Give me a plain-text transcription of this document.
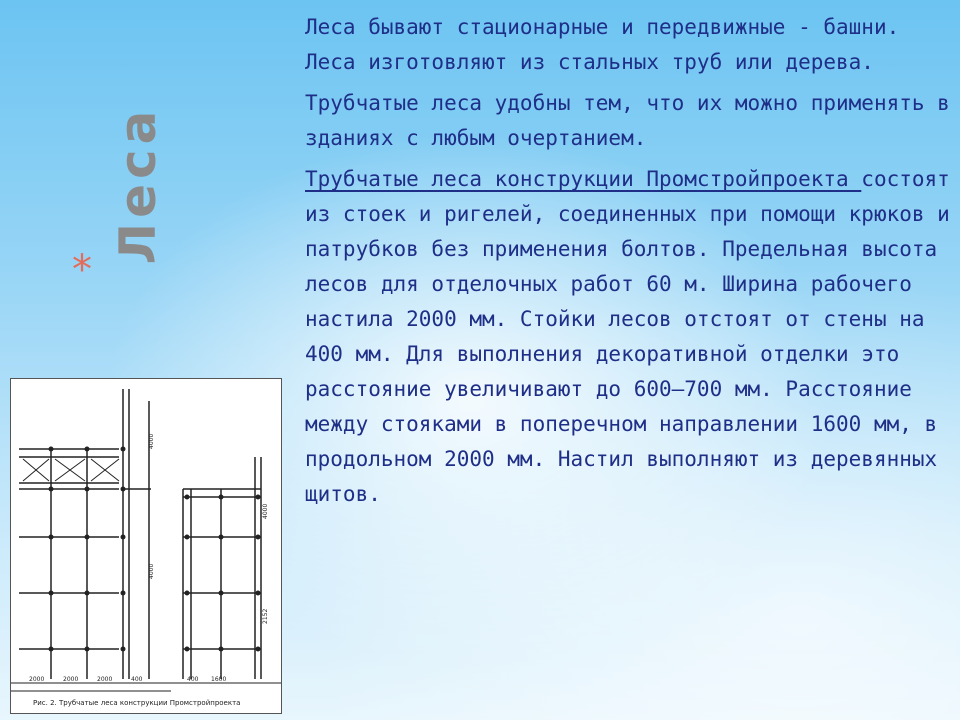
Леса
*

Леса бывают стационарные и передвижные - башни. Леса изготовляют из стальных труб или дерева.

Трубчатые леса удобны тем, что их можно применять в зданиях с любым очертанием.

Трубчатые леса конструкции Промстройпроекта состоят из стоек и ригелей, соединенных при помощи крюков и патрубков без применения болтов. Предельная высота лесов для отделочных работ 60 м. Ширина рабочего настила 2000 мм. Стойки лесов отстоят от стены на 400 мм. Для выполнения декоративной отделки это расстояние увеличивают до 600—700 мм. Расстояние между стояками в поперечном направлении 1600 мм, в продольном 2000 мм. Настил выполняют из деревянных щитов.

2000	2000	2000	400	1600
400
4000
4000
4000
2152
Рис. 2. Трубчатые леса конструкции Промстройпроекта
